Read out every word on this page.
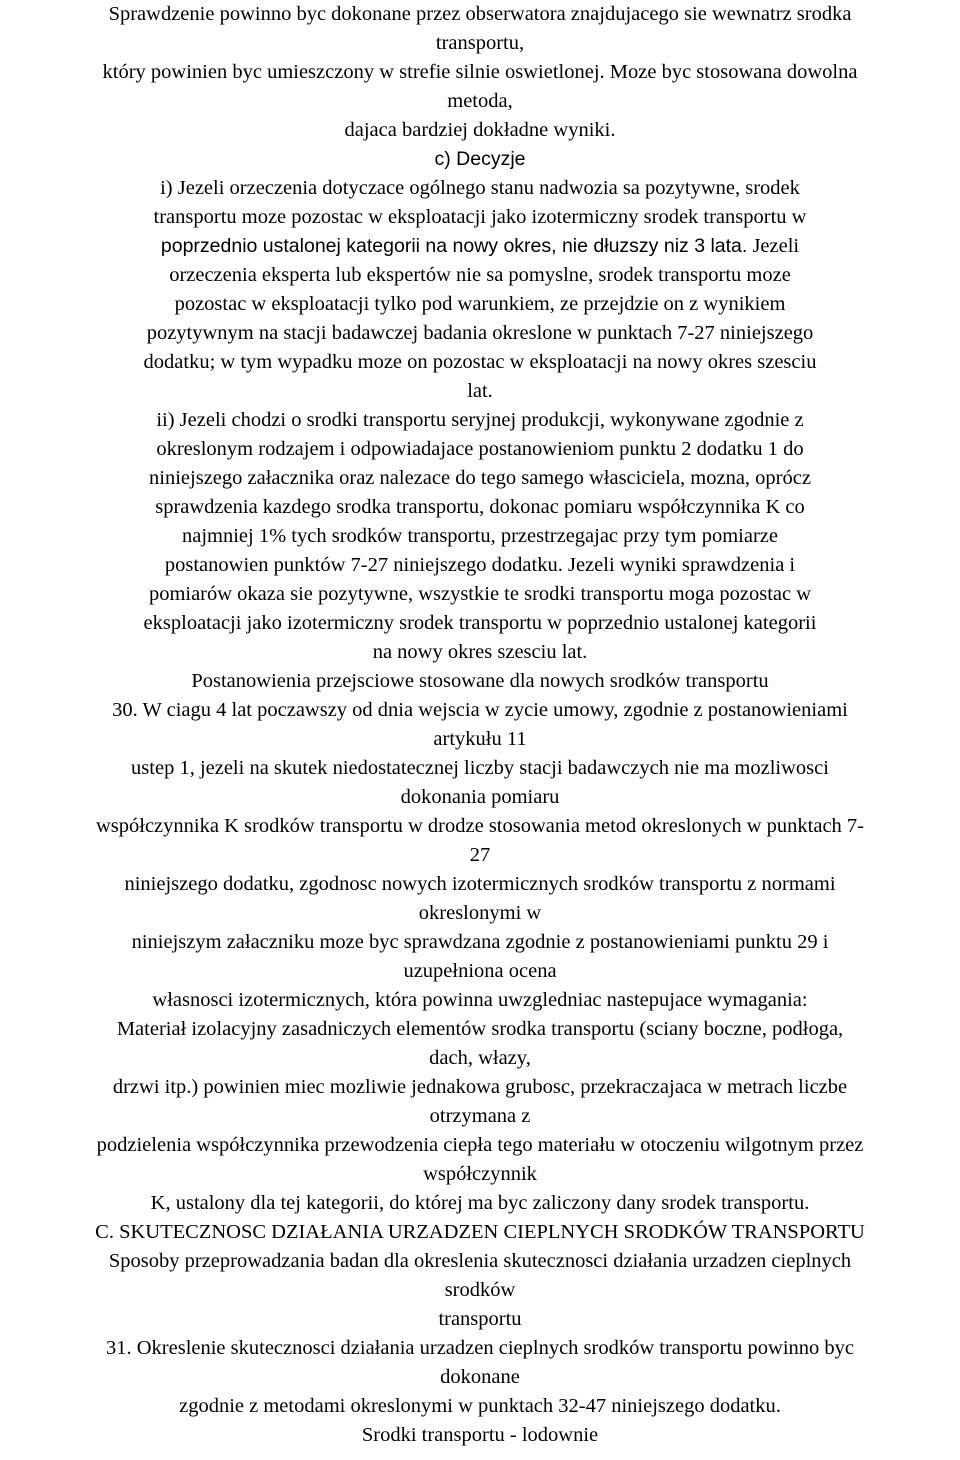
Sprawdzenie powinno byc dokonane przez obserwatora znajdujacego sie wewnatrz srodka

transportu,

który powinien byc umieszczony w strefie silnie oswietlonej. Moze byc stosowana dowolna

metoda,

dajaca bardziej dokładne wyniki.

c) Decyzje

i) Jezeli orzeczenia dotyczace ogólnego stanu nadwozia sa pozytywne, srodek

transportu moze pozostac w eksploatacji jako izotermiczny srodek transportu w

poprzednio ustalonej kategorii na nowy okres, nie dłuzszy niz 3 lata. Jezeli

orzeczenia eksperta lub ekspertów nie sa pomyslne, srodek transportu moze

pozostac w eksploatacji tylko pod warunkiem, ze przejdzie on z wynikiem

pozytywnym na stacji badawczej badania okreslone w punktach 7-27 niniejszego

dodatku; w tym wypadku moze on pozostac w eksploatacji na nowy okres szesciu

lat.

ii) Jezeli chodzi o srodki transportu seryjnej produkcji, wykonywane zgodnie z

okreslonym rodzajem i odpowiadajace postanowieniom punktu 2 dodatku 1 do

niniejszego załacznika oraz nalezace do tego samego własciciela, mozna, oprócz

sprawdzenia kazdego srodka transportu, dokonac pomiaru współczynnika K co

najmniej 1% tych srodków transportu, przestrzegajac przy tym pomiarze

postanowien punktów 7-27 niniejszego dodatku. Jezeli wyniki sprawdzenia i

pomiarów okaza sie pozytywne, wszystkie te srodki transportu moga pozostac w

eksploatacji jako izotermiczny srodek transportu w poprzednio ustalonej kategorii

na nowy okres szesciu lat.

Postanowienia przejsciowe stosowane dla nowych srodków transportu

30. W ciagu 4 lat poczawszy od dnia wejscia w zycie umowy, zgodnie z postanowieniami

artykułu 11

ustep 1, jezeli na skutek niedostatecznej liczby stacji badawczych nie ma mozliwosci

dokonania pomiaru

współczynnika K srodków transportu w drodze stosowania metod okreslonych w punktach 7-

27

niniejszego dodatku, zgodnosc nowych izotermicznych srodków transportu z normami

okreslonymi w

niniejszym załaczniku moze byc sprawdzana zgodnie z postanowieniami punktu 29 i

uzupełniona ocena

własnosci izotermicznych, która powinna uwzgledniac nastepujace wymagania:

Materiał izolacyjny zasadniczych elementów srodka transportu (sciany boczne, podłoga,

dach, włazy,

drzwi itp.) powinien miec mozliwie jednakowa grubosc, przekraczajaca w metrach liczbe

otrzymana z

podzielenia współczynnika przewodzenia ciepła tego materiału w otoczeniu wilgotnym przez

współczynnik

K, ustalony dla tej kategorii, do której ma byc zaliczony dany srodek transportu.

C. SKUTECZNOSC DZIAŁANIA URZADZEN CIEPLNYCH SRODKÓW TRANSPORTU

Sposoby przeprowadzania badan dla okreslenia skutecznosci działania urzadzen cieplnych

srodków

transportu

31. Okreslenie skutecznosci działania urzadzen cieplnych srodków transportu powinno byc

dokonane

zgodnie z metodami okreslonymi w punktach 32-47 niniejszego dodatku.

Srodki transportu - lodownie
